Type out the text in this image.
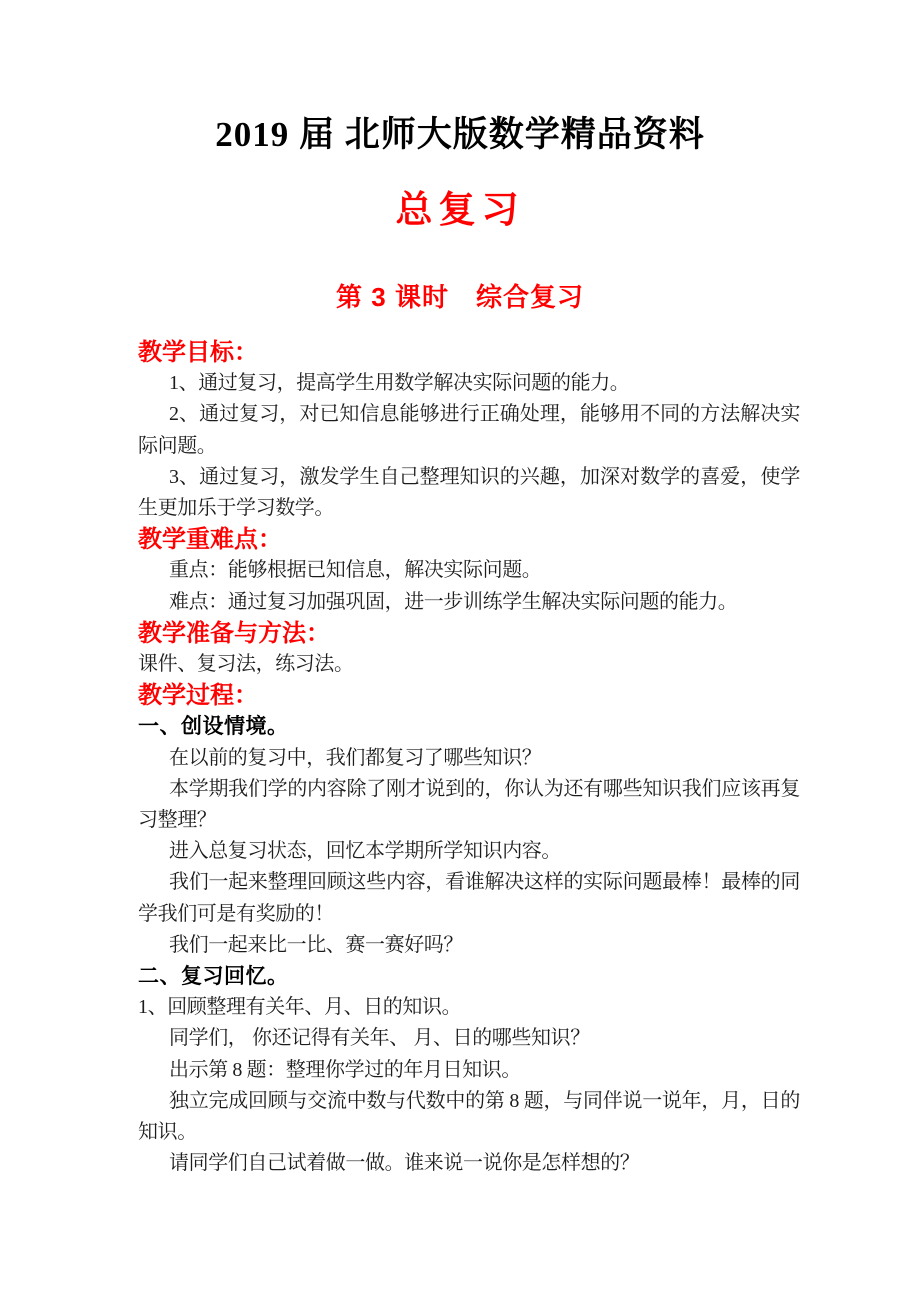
2019 届 北师大版数学精品资料
总复习
第 3 课时　综合复习

教学目标：

1、通过复习，提高学生用数学解决实际问题的能力。

2、通过复习，对已知信息能够进行正确处理，能够用不同的方法解决实际问题。

3、通过复习，激发学生自己整理知识的兴趣，加深对数学的喜爱，使学生更加乐于学习数学。

教学重难点：

重点：能够根据已知信息，解决实际问题。

难点：通过复习加强巩固，进一步训练学生解决实际问题的能力。

教学准备与方法：

课件、复习法，练习法。

教学过程：

一、创设情境。

在以前的复习中，我们都复习了哪些知识？

本学期我们学的内容除了刚才说到的，你认为还有哪些知识我们应该再复习整理？

进入总复习状态，回忆本学期所学知识内容。

我们一起来整理回顾这些内容，看谁解决这样的实际问题最棒！最棒的同学我们可是有奖励的！

我们一起来比一比、赛一赛好吗？

二、复习回忆。

1、回顾整理有关年、月、日的知识。

同学们， 你还记得有关年、 月、日的哪些知识？

出示第 8 题：整理你学过的年月日知识。

独立完成回顾与交流中数与代数中的第 8 题，与同伴说一说年，月，日的知识。

请同学们自己试着做一做。谁来说一说你是怎样想的？
